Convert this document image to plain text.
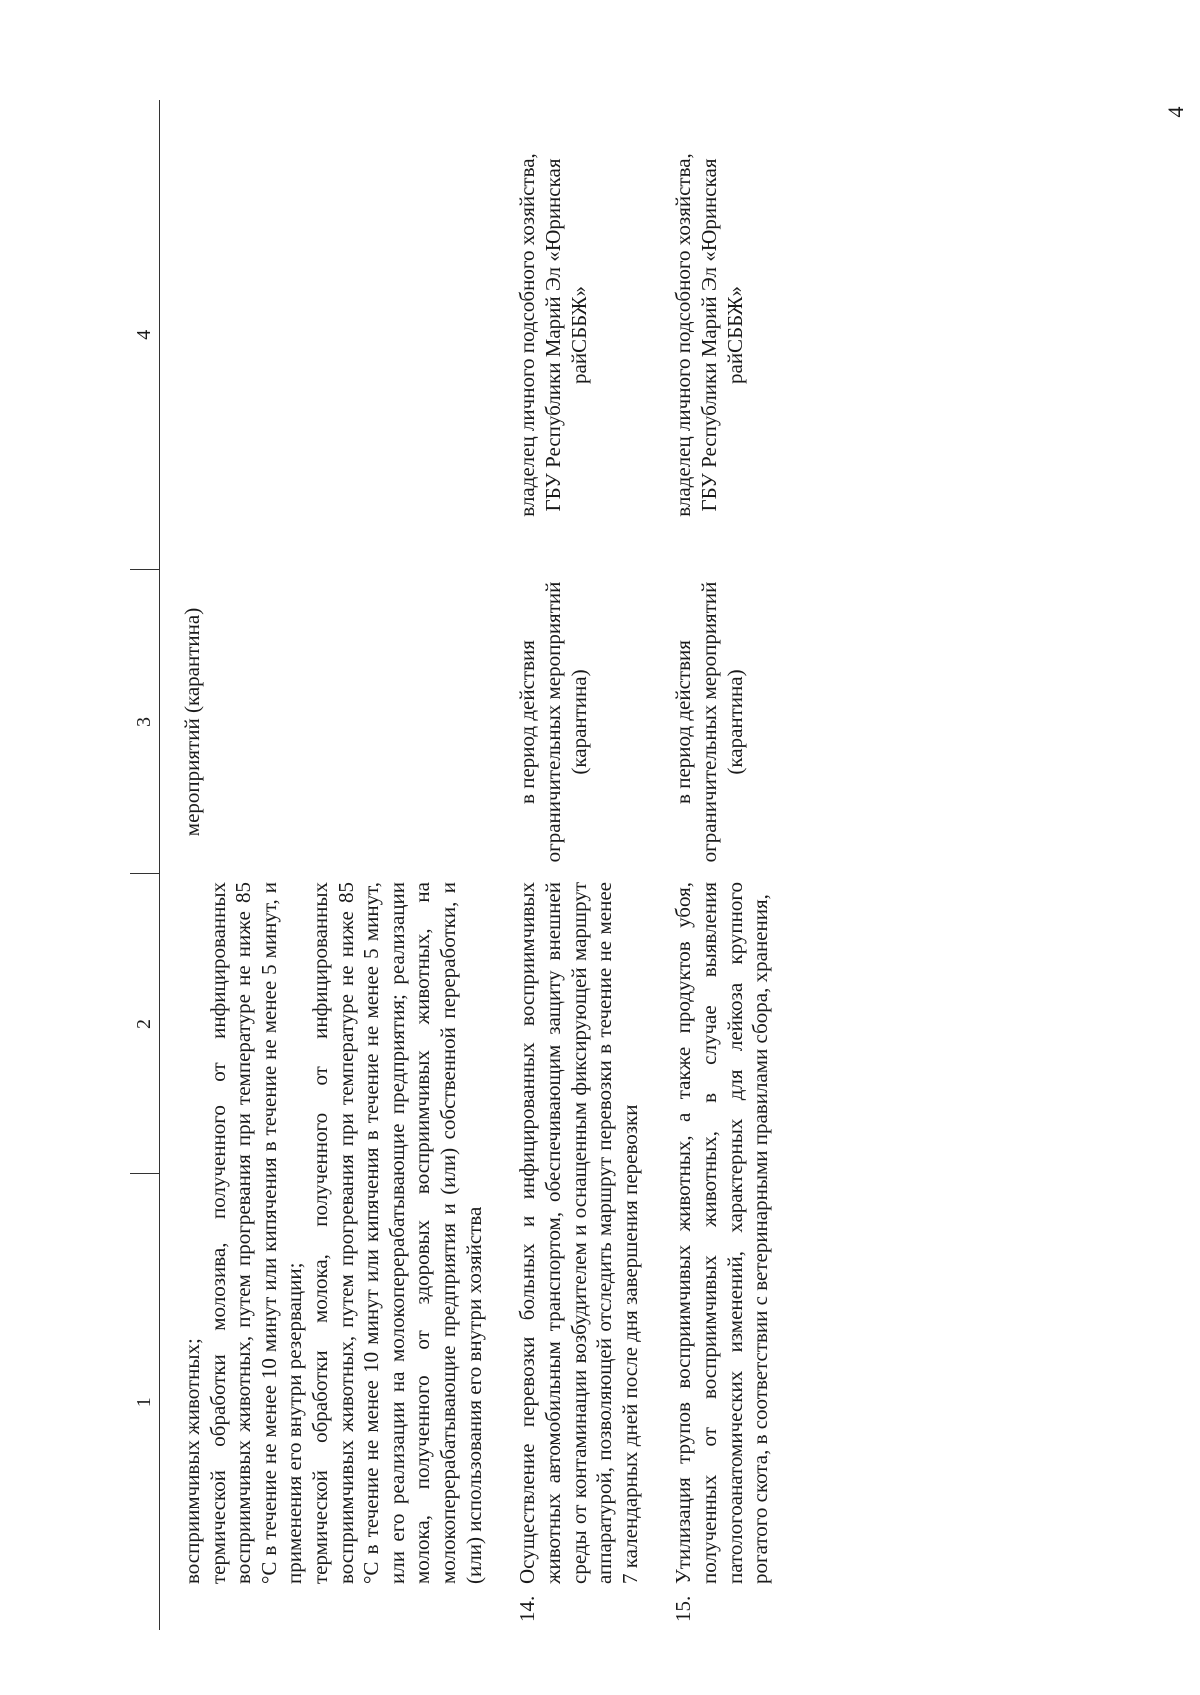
4
1		2	3	4

	восприимчивых животных; термической обработки молозива, полученного от инфицированных восприимчивых животных, путем прогревания при температуре не ниже 85 °C в течение не менее 10 минут или кипячения в течение не менее 5 минут, и применения его внутри резервации; термической обработки молока, полученного от инфицированных восприимчивых животных, путем прогревания при температуре не ниже 85 °C в течение не менее 10 минут или кипячения в течение не менее 5 минут, или его реализации на молокоперерабатывающие предприятия; реализации молока, полученного от здоровых восприимчивых животных, на молокоперерабатывающие предприятия и (или) собственной переработки, и (или) использования его внутри хозяйства		мероприятий (карантина)	
14.	Осуществление перевозки больных и инфицированных восприимчивых животных автомобильным транспортом, обеспечивающим защиту внешней среды от контаминации возбудителем и оснащенным фиксирующей маршрут аппаратурой, позволяющей отследить маршрут перевозки в течение не менее 7 календарных дней после дня завершения перевозки		в период действия ограничительных мероприятий (карантина)	владелец личного подсобного хозяйства, ГБУ Республики Марий Эл «Юринская райСББЖ»

15.	Утилизация трупов восприимчивых животных, а также продуктов убоя, полученных от восприимчивых животных, в случае выявления патологоанатомических изменений, характерных для лейкоза крупного рогатого скота, в соответствии с ветеринарными правилами сбора, хранения,		в период действия ограничительных мероприятий (карантина)	владелец личного подсобного хозяйства, ГБУ Республики Марий Эл «Юринская райСББЖ»
